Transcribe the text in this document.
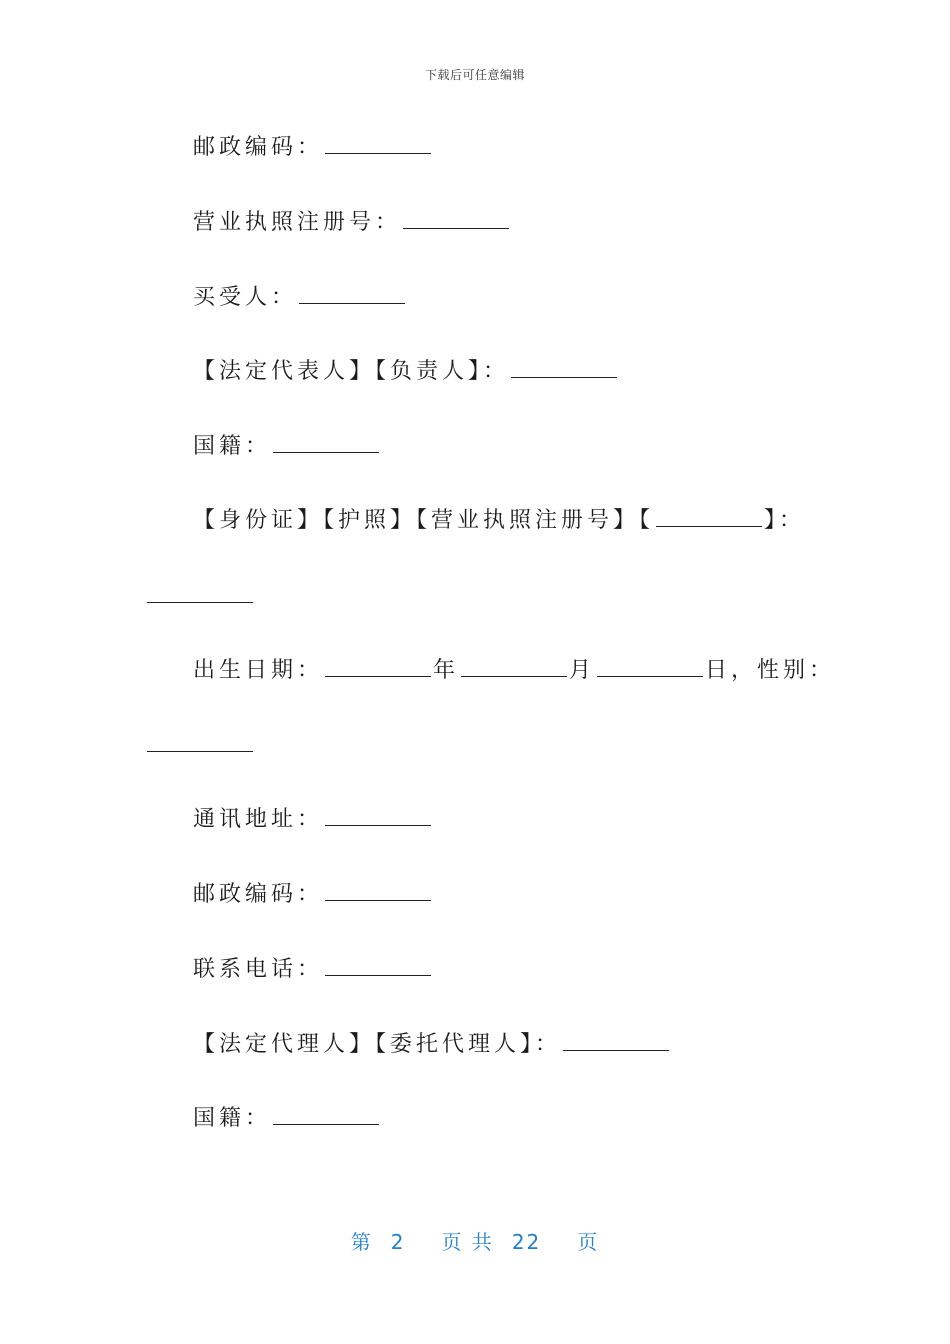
下载后可任意编辑
邮政编码：
营业执照注册号：
买受人：
【法定代表人】【负责人】：
国籍：
【身份证】【护照】【营业执照注册号】【	】：
出生日期：	年	月	日，性别：
通讯地址：
邮政编码：
联系电话：
【法定代理人】【委托代理人】：
国籍：
第 2 页 共 22 页
